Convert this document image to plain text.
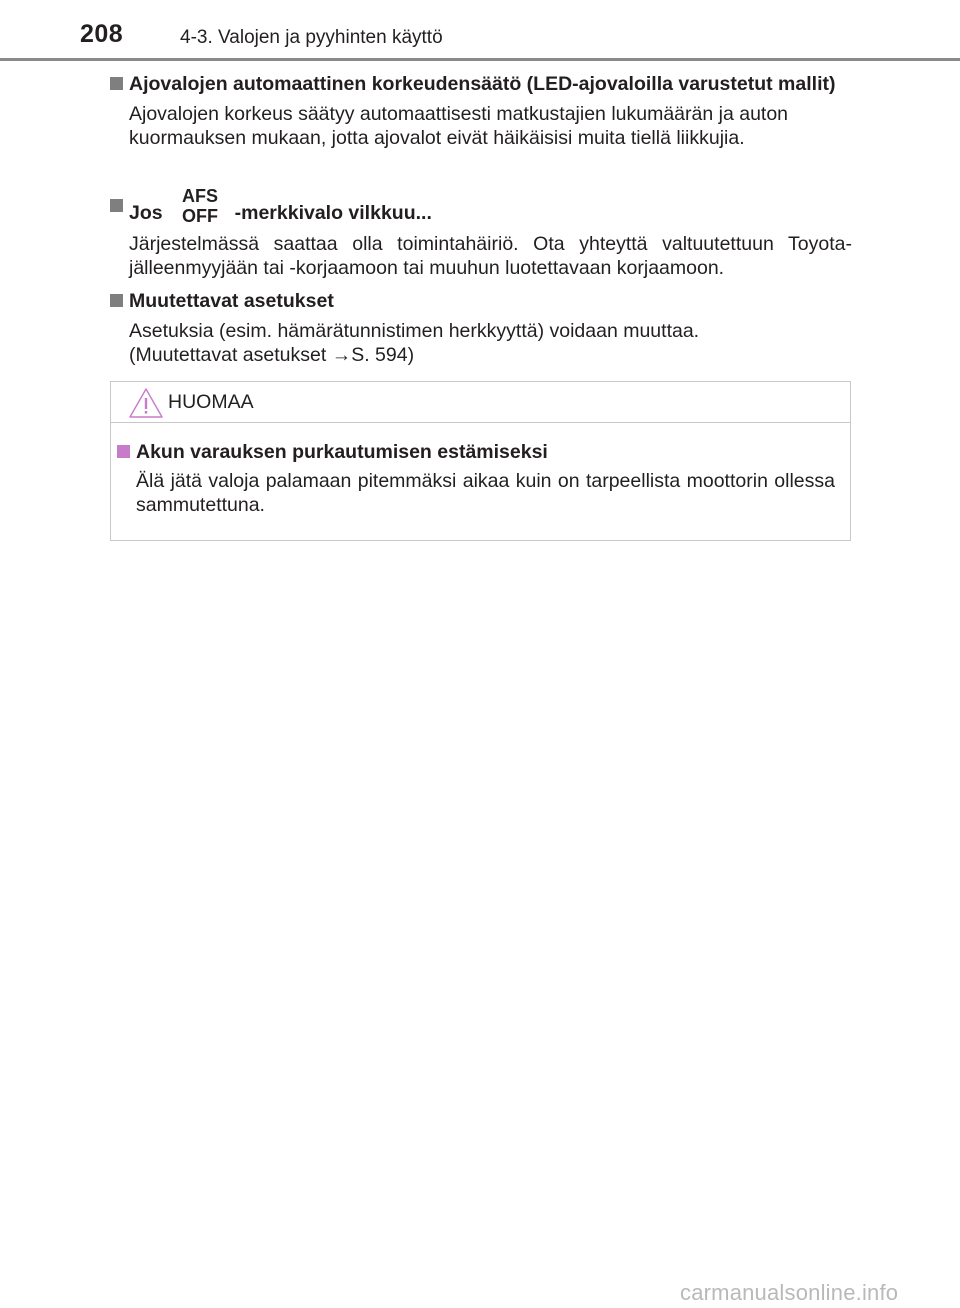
208	4-3. Valojen ja pyyhinten käyttö
Ajovalojen automaattinen korkeudensäätö (LED-ajovaloilla varustetut mallit)
Ajovalojen korkeus säätyy automaattisesti matkustajien lukumäärän ja auton kuormauksen mukaan, jotta ajovalot eivät häikäisisi muita tiellä liikkujia.
Jos
AFS
OFF -merkkivalo vilkkuu...
Järjestelmässä saattaa olla toimintahäiriö. Ota yhteyttä valtuutettuun Toyota-jälleenmyyjään tai -korjaamoon tai muuhun luotettavaan korjaamoon.
Muutettavat asetukset
Asetuksia (esim. hämärätunnistimen herkkyyttä) voidaan muuttaa.
(Muutettavat asetukset →S. 594)
HUOMAA
Akun varauksen purkautumisen estämiseksi
Älä jätä valoja palamaan pitemmäksi aikaa kuin on tarpeellista moottorin ollessa sammutettuna.
carmanualsonline.info
